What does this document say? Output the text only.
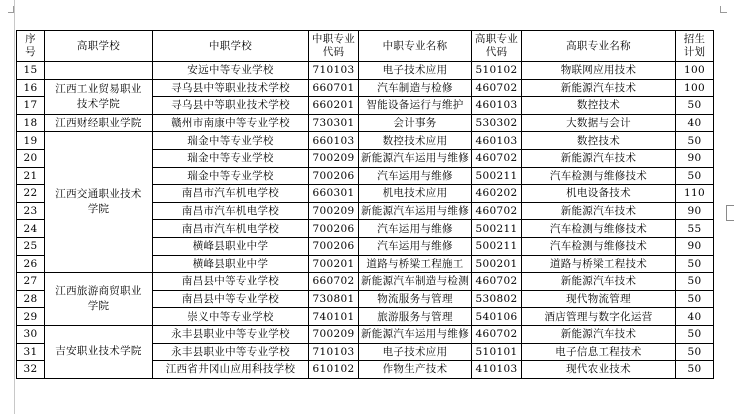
序号	高职学校	中职学校	中职专业代码	中职专业名称	高职专业代码	高职专业名称	招生计划
15		安远中等专业学校	710103	电子技术应用	510102	物联网应用技术	100
16	江西工业贸易职业技术学院	寻乌县中等职业技术学校	660701	汽车制造与检修	460702	新能源汽车技术	100
17		寻乌县中等职业技术学校	660201	智能设备运行与维护	460103	数控技术	50
18	江西财经职业学院	赣州市南康中等专业学校	730301	会计事务	530302	大数据与会计	40
19	江西交通职业技术学院	瑞金中等专业学校	660103	数控技术应用	460103	数控技术	50
20		瑞金中等专业学校	700209	新能源汽车运用与维修	460702	新能源汽车技术	90
21		瑞金中等专业学校	700206	汽车运用与维修	500211	汽车检测与维修技术	50
22		南昌市汽车机电学校	660301	机电技术应用	460202	机电设备技术	110
23		南昌市汽车机电学校	700209	新能源汽车运用与维修	460702	新能源汽车技术	90
24		南昌市汽车机电学校	700206	汽车运用与维修	500211	汽车检测与维修技术	55
25		横峰县职业中学	700206	汽车运用与维修	500211	汽车检测与维修技术	90
26		横峰县职业中学	700201	道路与桥梁工程施工	500201	道路与桥梁工程技术	50
27	江西旅游商贸职业学院	南昌县中等专业学校	660702	新能源汽车制造与检测	460702	新能源汽车技术	50
28		南昌县中等专业学校	730801	物流服务与管理	530802	现代物流管理	50
29		崇义中等专业学校	740101	旅游服务与管理	540106	酒店管理与数字化运营	40
30	吉安职业技术学院	永丰县职业中等专业学校	700209	新能源汽车运用与维修	460702	新能源汽车技术	50
31		永丰县职业中等专业学校	710103	电子技术应用	510101	电子信息工程技术	50
32		江西省井冈山应用科技学校	610102	作物生产技术	410103	现代农业技术	50
